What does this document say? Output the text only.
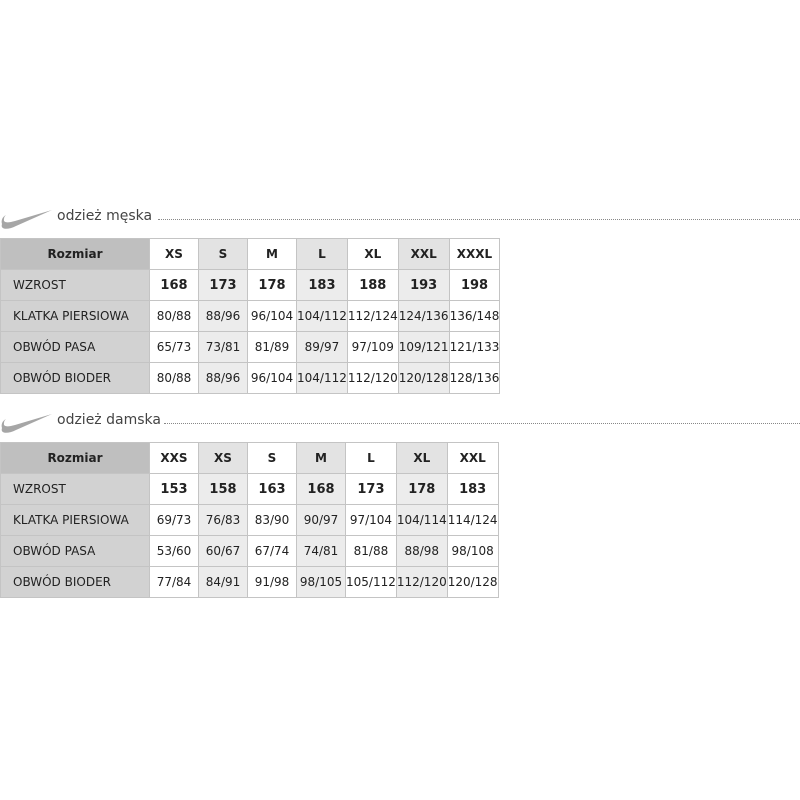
odzież męska
Rozmiar	XS	S	M	L	XL	XXL	XXXL
WZROST	168	173	178	183	188	193	198
KLATKA PIERSIOWA	80/88	88/96	96/104	104/112	112/124	124/136	136/148
OBWÓD PASA	65/73	73/81	81/89	89/97	97/109	109/121	121/133
OBWÓD BIODER	80/88	88/96	96/104	104/112	112/120	120/128	128/136
odzież damska
Rozmiar	XXS	XS	S	M	L	XL	XXL
WZROST	153	158	163	168	173	178	183
KLATKA PIERSIOWA	69/73	76/83	83/90	90/97	97/104	104/114	114/124
OBWÓD PASA	53/60	60/67	67/74	74/81	81/88	88/98	98/108
OBWÓD BIODER	77/84	84/91	91/98	98/105	105/112	112/120	120/128
